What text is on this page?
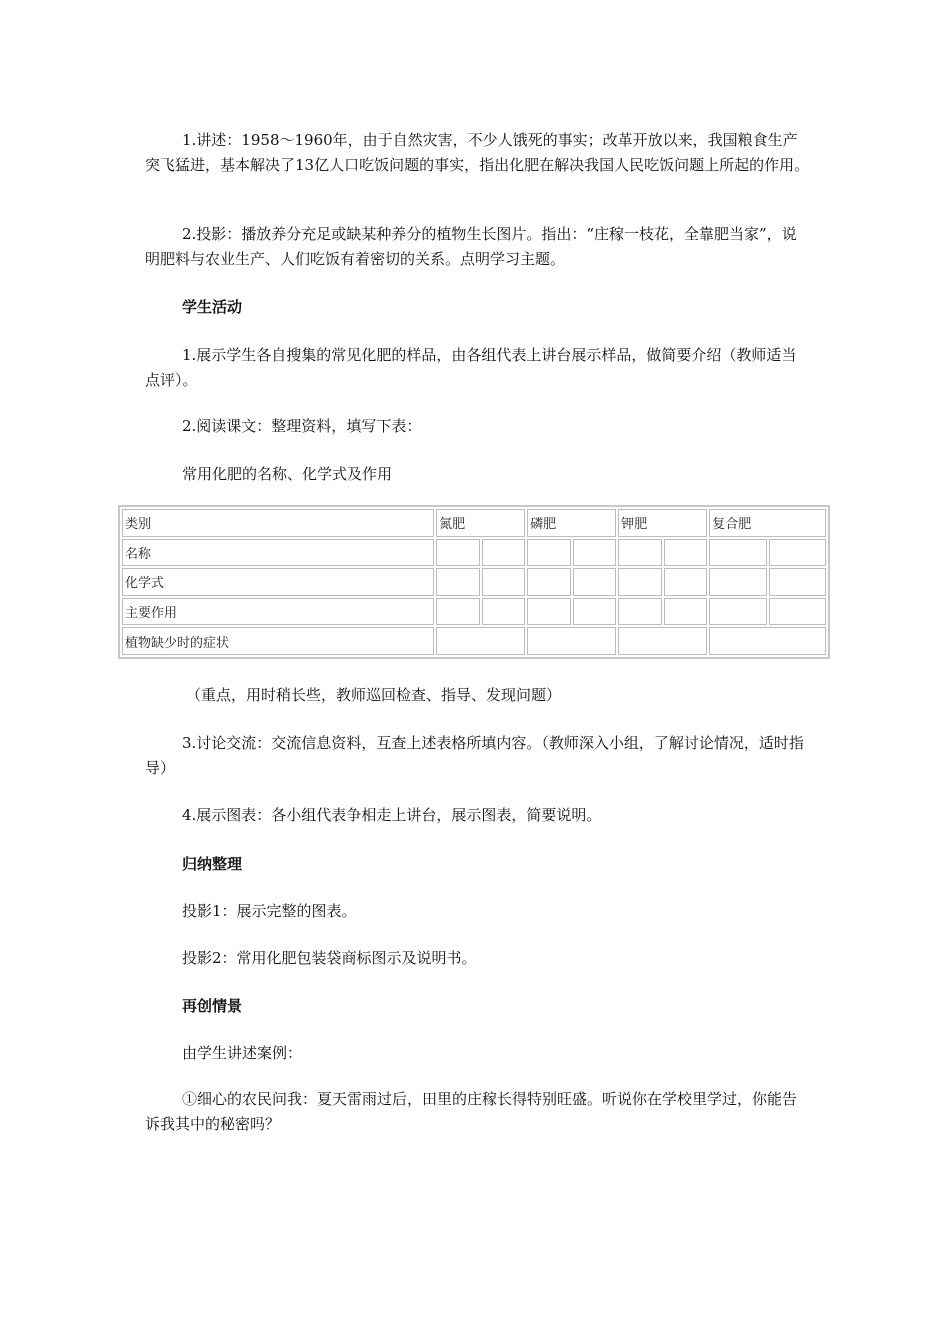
1.讲述：1958～1960年，由于自然灾害，不少人饿死的事实；改革开放以来，我国粮食生产突飞猛进，基本解决了13亿人口吃饭问题的事实，指出化肥在解决我国人民吃饭问题上所起的作用。

2.投影：播放养分充足或缺某种养分的植物生长图片。指出：“庄稼一枝花，全靠肥当家”，说明肥料与农业生产、人们吃饭有着密切的关系。点明学习主题。

学生活动

1.展示学生各自搜集的常见化肥的样品，由各组代表上讲台展示样品，做简要介绍（教师适当点评）。

2.阅读课文：整理资料，填写下表：

常用化肥的名称、化学式及作用

类别	氮肥		磷肥		钾肥		复合肥	
名称								
化学式								
主要作用								
植物缺少时的症状								

（重点，用时稍长些，教师巡回检查、指导、发现问题）

3.讨论交流：交流信息资料，互查上述表格所填内容。（教师深入小组，了解讨论情况，适时指导）

4.展示图表：各小组代表争相走上讲台，展示图表，简要说明。

归纳整理

投影1：展示完整的图表。

投影2：常用化肥包装袋商标图示及说明书。

再创情景

由学生讲述案例：

①细心的农民问我：夏天雷雨过后，田里的庄稼长得特别旺盛。听说你在学校里学过，你能告诉我其中的秘密吗？
